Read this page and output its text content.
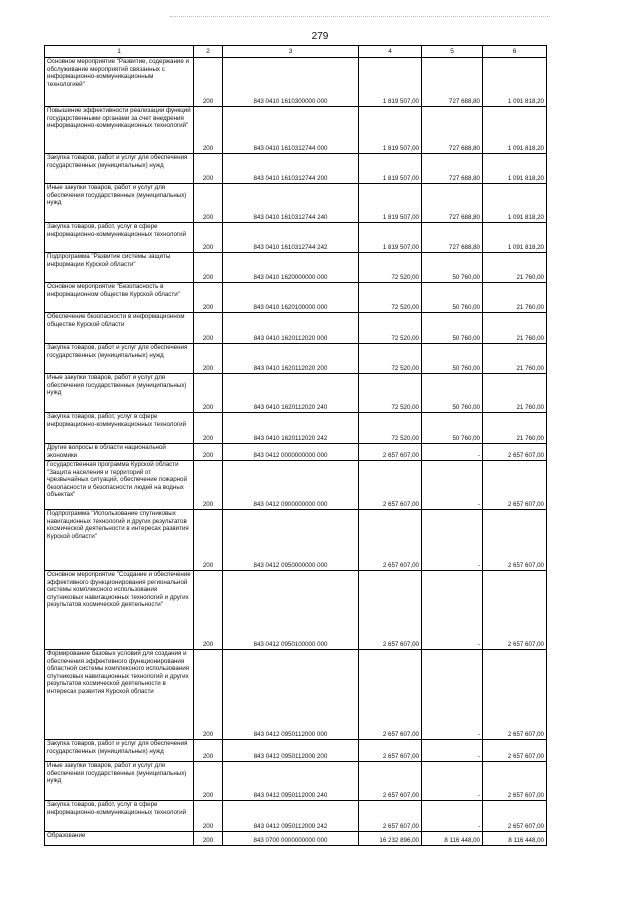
279
1	2	3	4	5	6
Основное мероприятие "Развитие, содержание и обслуживание мероприятий связанных с информационно-коммуникационным технологией"	200	843 0410 1610300000 000	1 819 507,00	727 688,80	1 091 818,20
Повышение эффективности реализации функций государственными органами за счет внедрения информационно-коммуникационных технологий"	200	843 0410 1610312744 000	1 819 507,00	727 688,80	1 091 818,20
Закупка товаров, работ и услуг для обеспечения государственных (муниципальных) нужд	200	843 0410 1610312744 200	1 819 507,00	727 688,80	1 091 818,20
Иные закупки товаров, работ и услуг для обеспечения государственных (муниципальных) нужд	200	843 0410 1610312744 240	1 819 507,00	727 688,80	1 091 818,20
Закупка товаров, работ, услуг в сфере информационно-коммуникационных технологий	200	843 0410 1610312744 242	1 819 507,00	727 688,80	1 091 818,20
Подпрограмма "Развитие системы защиты информации Курской области"	200	843 0410 1620000000 000	72 520,00	50 760,00	21 760,00
Основное мероприятие "Безопасность в информационном обществе Курской области"	200	843 0410 1620100000 000	72 520,00	50 760,00	21 760,00
Обеспечение безопасности в информационном обществе Курской области	200	843 0410 1620112020 000	72 520,00	50 760,00	21 760,00
Закупка товаров, работ и услуг для обеспечения государственных (муниципальных) нужд	200	843 0410 1620112020 200	72 520,00	50 760,00	21 760,00
Иные закупки товаров, работ и услуг для обеспечения государственных (муниципальных) нужд	200	843 0410 1620112020 240	72 520,00	50 760,00	21 760,00
Закупка товаров, работ, услуг в сфере информационно-коммуникационных технологий	200	843 0410 1620112020 242	72 520,00	50 760,00	21 760,00
Другие вопросы в области национальной экономики	200	843 0412 0000000000 000	2 657 607,00	-	2 657 607,00
Государственная программа Курской области "Защита населения и территорий от чрезвычайных ситуаций, обеспечение пожарной безопасности и безопасности людей на водных объектах"	200	843 0412 0900000000 000	2 657 607,00	-	2 657 607,00
Подпрограмма "Использование спутниковых навигационных технологий и других результатов космической деятельности в интересах развития Курской области"	200	843 0412 0950000000 000	2 657 607,00	-	2 657 607,00
Основное мероприятие "Создание и обеспечение эффективного функционирования региональной системы комплексного использования спутниковых навигационных технологий и других результатов космической деятельности"	200	843 0412 0950100000 000	2 657 607,00	-	2 657 607,00
Формирование базовых условий для создания и обеспечения эффективного функционирования областной системы комплексного использования спутниковых навигационных технологий и других результатов космической деятельности в интересах развития Курской области	200	843 0412 0950112000 000	2 657 607,00	-	2 657 607,00
Закупка товаров, работ и услуг для обеспечения государственных (муниципальных) нужд	200	843 0412 0950112000 200	2 657 607,00	-	2 657 607,00
Иные закупки товаров, работ и услуг для обеспечения государственных (муниципальных) нужд	200	843 0412 0950112000 240	2 657 607,00	-	2 657 607,00
Закупка товаров, работ, услуг в сфере информационно-коммуникационных технологий	200	843 0412 0950112000 242	2 657 607,00	-	2 657 607,00
Образование	200	843 0700 0000000000 000	16 232 896,00	8 116 448,00	8 116 448,00
